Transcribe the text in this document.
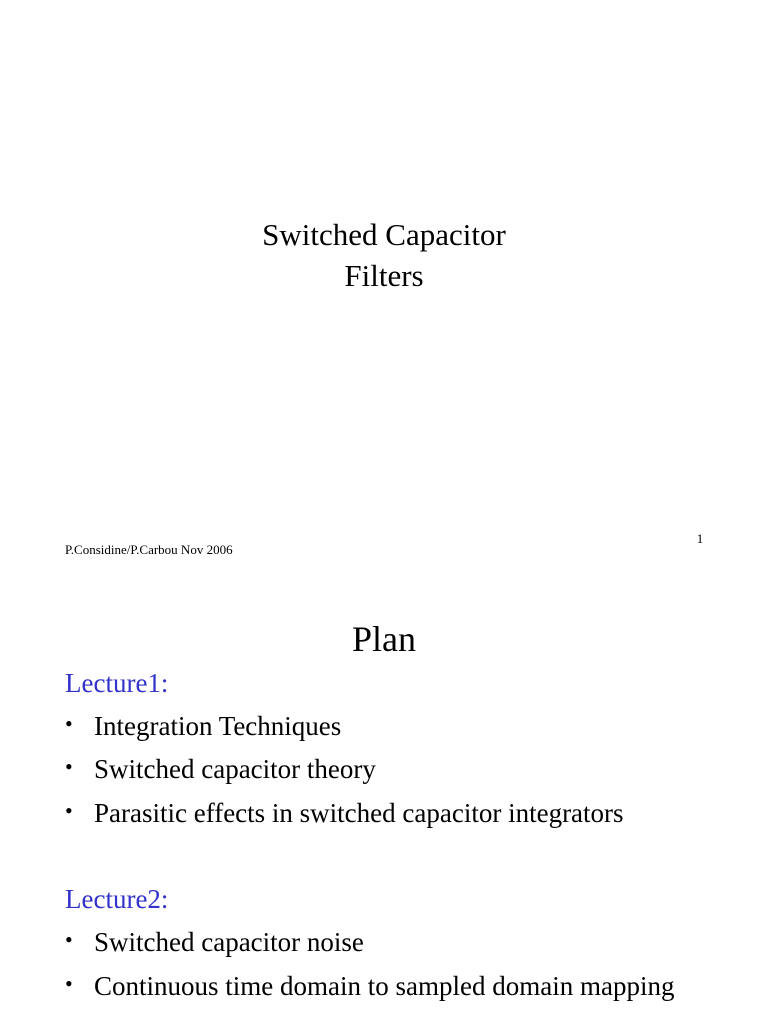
Switched Capacitor
Filters
P.Considine/P.Carbou Nov 2006
1
Plan
Lecture1:
• Integration Techniques
• Switched capacitor theory
• Parasitic effects in switched capacitor integrators
Lecture2:
• Switched capacitor noise
• Continuous time domain to sampled domain mapping
